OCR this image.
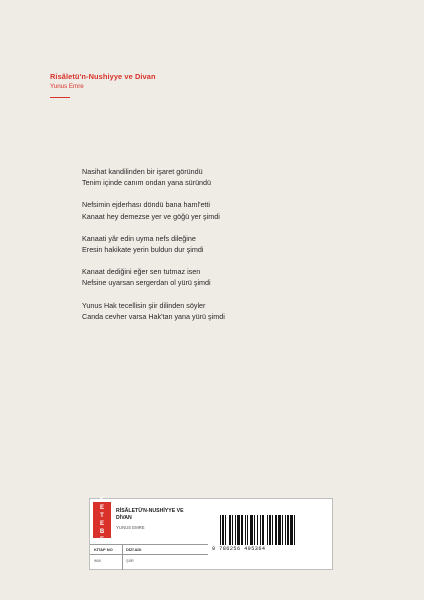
Risâletü'n-Nushiyye ve Divan
Yunus Emre
Nasihat kandilinden bir işaret göründü
Tenim içinde canım ondan yana süründü
Nefsimin ejderhası döndü bana haml'etti
Kanaat hey demezse yer ve göğü yer şimdi
Kanaati yâr edin uyma nefs dileğine
Eresin hakikate yerin buldun dur şimdi
Kanaat dediğini eğer sen tutmaz isen
Nefsine uyarsan sergerdan ol yürü şimdi
Yunus Hak tecellisin şiir dilinden söyler
Canda cevher varsa Hak'tan yana yürü şimdi
K
E
T
E
B
E
RİSÂLETÜ'N-NUSHİYYE VE DİVAN
YUNUS EMRE
KİTAP NO	DİZİ ADI
968	ŞİİR
9 786256 495364
